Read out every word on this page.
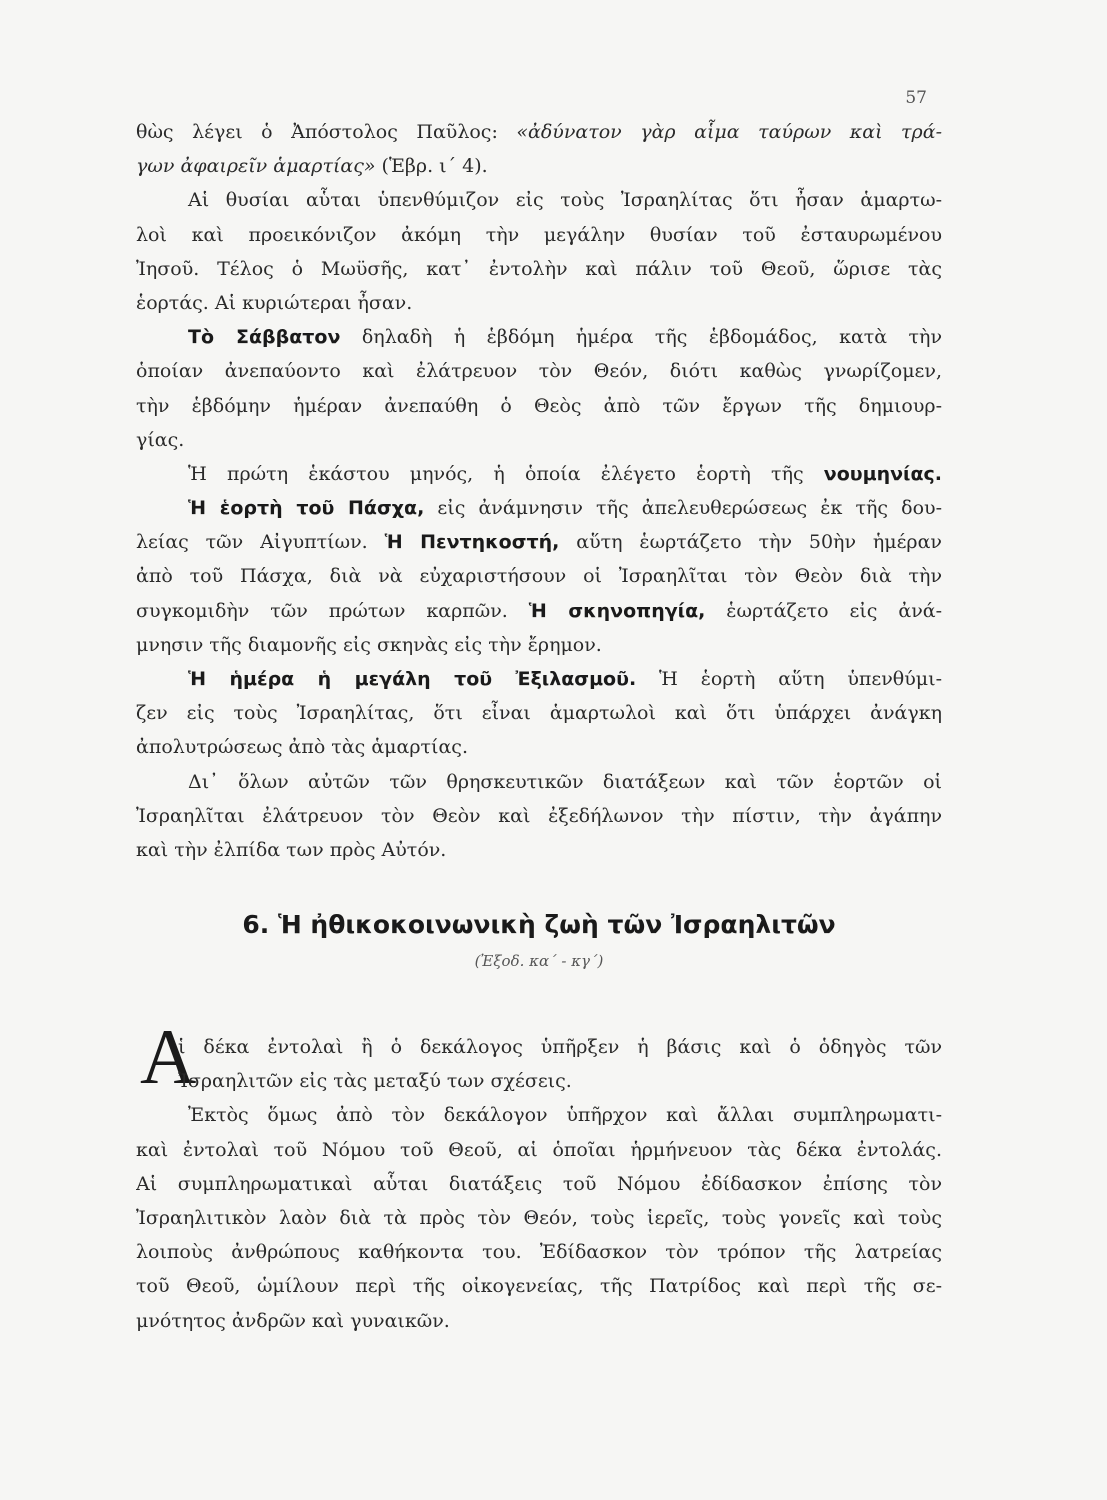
57
θὼς λέγει ὁ Ἀπόστολος Παῦλος: «ἀδύνατον γὰρ αἷμα ταύρων καὶ τρά-
γων ἀφαιρεῖν ἁμαρτίας» (Ἑβρ. ι΄ 4).
Αἱ θυσίαι αὗται ὑπενθύμιζον εἰς τοὺς Ἰσραηλίτας ὅτι ἦσαν ἁμαρτω-
λοὶ καὶ προεικόνιζον ἀκόμη τὴν μεγάλην θυσίαν τοῦ ἐσταυρωμένου
Ἰησοῦ. Τέλος ὁ Μωϋσῆς, κατ᾽ ἐντολὴν καὶ πάλιν τοῦ Θεοῦ, ὥρισε τὰς
ἑορτάς. Αἱ κυριώτεραι ἦσαν.
Τὸ Σάββατον δηλαδὴ ἡ ἑβδόμη ἡμέρα τῆς ἑβδομάδος, κατὰ τὴν
ὁποίαν ἀνεπαύοντο καὶ ἐλάτρευον τὸν Θεόν, διότι καθὼς γνωρίζομεν,
τὴν ἑβδόμην ἡμέραν ἀνεπαύθη ὁ Θεὸς ἀπὸ τῶν ἔργων τῆς δημιουρ-
γίας.
Ἡ πρώτη ἑκάστου μηνός, ἡ ὁποία ἐλέγετο ἑορτὴ τῆς νουμηνίας.
Ἡ ἑορτὴ τοῦ Πάσχα, εἰς ἀνάμνησιν τῆς ἀπελευθερώσεως ἐκ τῆς δου-
λείας τῶν Αἰγυπτίων. Ἡ Πεντηκοστή, αὕτη ἑωρτάζετο τὴν 50ὴν ἡμέραν
ἀπὸ τοῦ Πάσχα, διὰ νὰ εὐχαριστήσουν οἱ Ἰσραηλῖται τὸν Θεὸν διὰ τὴν
συγκομιδὴν τῶν πρώτων καρπῶν. Ἡ σκηνοπηγία, ἑωρτάζετο εἰς ἀνά-
μνησιν τῆς διαμονῆς εἰς σκηνὰς εἰς τὴν ἔρημον.
Ἡ ἡμέρα ἡ μεγάλη τοῦ Ἐξιλασμοῦ. Ἡ ἑορτὴ αὕτη ὑπενθύμι-
ζεν εἰς τοὺς Ἰσραηλίτας, ὅτι εἶναι ἁμαρτωλοὶ καὶ ὅτι ὑπάρχει ἀνάγκη
ἀπολυτρώσεως ἀπὸ τὰς ἁμαρτίας.
Δι᾽ ὅλων αὐτῶν τῶν θρησκευτικῶν διατάξεων καὶ τῶν ἑορτῶν οἱ
Ἰσραηλῖται ἐλάτρευον τὸν Θεὸν καὶ ἐξεδήλωνον τὴν πίστιν, τὴν ἀγάπην
καὶ τὴν ἐλπίδα των πρὸς Αὐτόν.
6. Ἡ ἠθικοκοινωνικὴ ζωὴ τῶν Ἰσραηλιτῶν
(Ἐξοδ. κα΄ - κγ΄)
Α
ἱ δέκα ἐντολαὶ ἢ ὁ δεκάλογος ὑπῆρξεν ἡ βάσις καὶ ὁ ὁδηγὸς τῶν
Ἰσραηλιτῶν εἰς τὰς μεταξύ των σχέσεις.
Ἐκτὸς ὅμως ἀπὸ τὸν δεκάλογον ὑπῆρχον καὶ ἄλλαι συμπληρωματι-
καὶ ἐντολαὶ τοῦ Νόμου τοῦ Θεοῦ, αἱ ὁποῖαι ἡρμήνευον τὰς δέκα ἐντολάς.
Αἱ συμπληρωματικαὶ αὗται διατάξεις τοῦ Νόμου ἐδίδασκον ἐπίσης τὸν
Ἰσραηλιτικὸν λαὸν διὰ τὰ πρὸς τὸν Θεόν, τοὺς ἱερεῖς, τοὺς γονεῖς καὶ τοὺς
λοιποὺς ἀνθρώπους καθήκοντα του. Ἐδίδασκον τὸν τρόπον τῆς λατρείας
τοῦ Θεοῦ, ὡμίλουν περὶ τῆς οἰκογενείας, τῆς Πατρίδος καὶ περὶ τῆς σε-
μνότητος ἀνδρῶν καὶ γυναικῶν.
